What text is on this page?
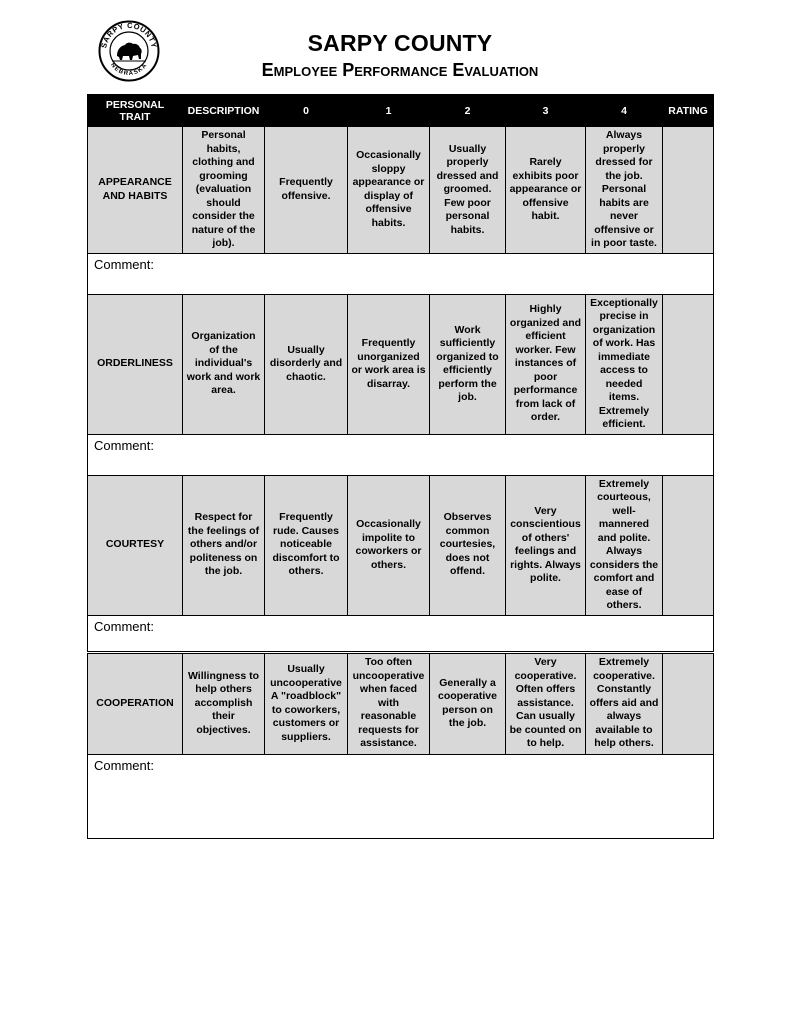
SARPY COUNTY
NEBRASKA
SARPY COUNTY
Employee Performance Evaluation
PERSONAL TRAIT	DESCRIPTION	0	1	2	3	4	RATING
APPEARANCE AND HABITS	Personal habits, clothing and grooming (evaluation should consider the nature of the job).	Frequently offensive.	Occasionally sloppy appearance or display of offensive habits.	Usually properly dressed and groomed. Few poor personal habits.	Rarely exhibits poor appearance or offensive habit.	Always properly dressed for the job. Personal habits are never offensive or in poor taste.	
Comment:							
ORDERLINESS	Organization of the individual's work and work area.	Usually disorderly and chaotic.	Frequently unorganized or work area is disarray.	Work sufficiently organized to efficiently perform the job.	Highly organized and efficient worker. Few instances of poor performance from lack of order.	Exceptionally precise in organization of work. Has immediate access to needed items. Extremely efficient.	
Comment:							
COURTESY	Respect for the feelings of others and/or politeness on the job.	Frequently rude. Causes noticeable discomfort to others.	Occasionally impolite to coworkers or others.	Observes common courtesies, does not offend.	Very conscientious of others' feelings and rights. Always polite.	Extremely courteous, well-mannered and polite. Always considers the comfort and ease of others.	
Comment:							

COOPERATION	Willingness to help others accomplish their objectives.	Usually uncooperative A "roadblock" to coworkers, customers or suppliers.	Too often uncooperative when faced with reasonable requests for assistance.	Generally a cooperative person on the job.	Very cooperative. Often offers assistance. Can usually be counted on to help.	Extremely cooperative. Constantly offers aid and always available to help others.	
Comment:							
